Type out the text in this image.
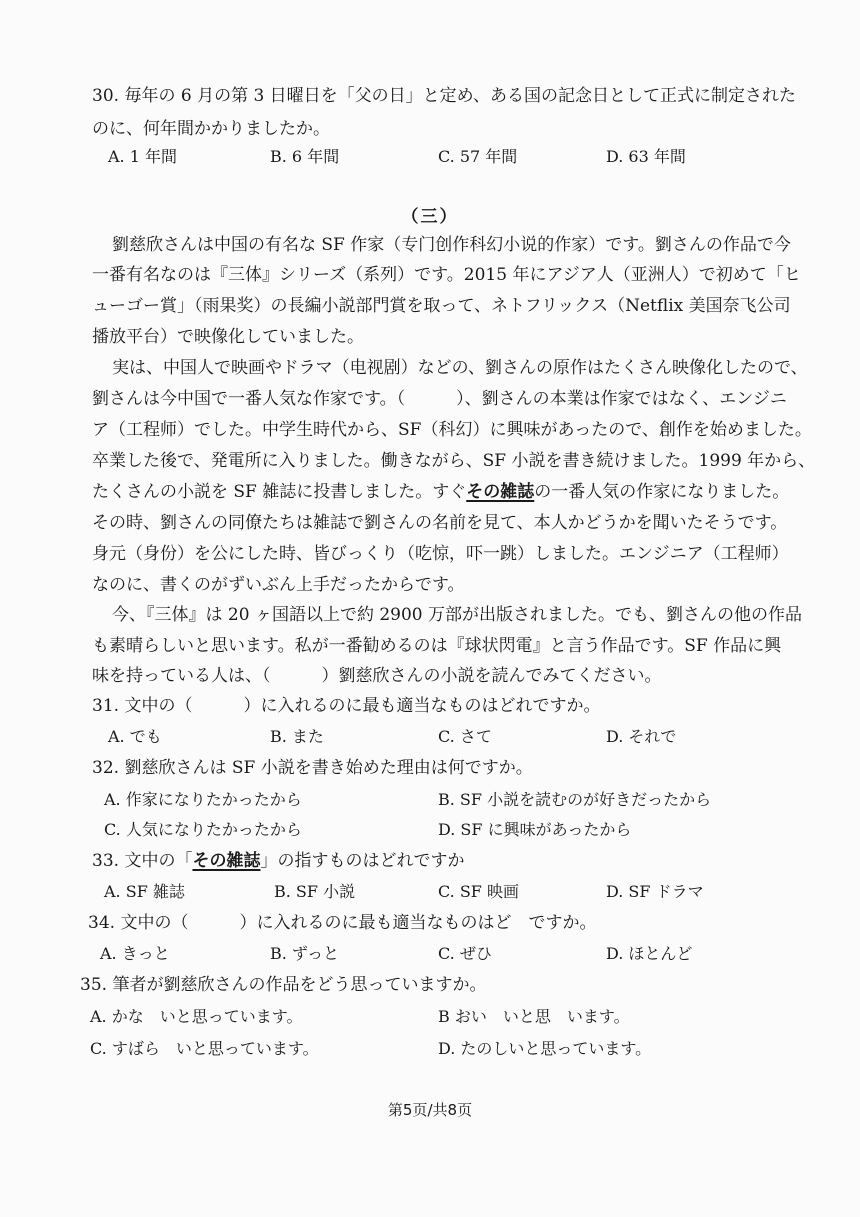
30. 毎年の 6 月の第 3 日曜日を「父の日」と定め、ある国の記念日として正式に制定された
のに、何年間かかりましたか。
A. 1 年間	B. 6 年間	C. 57 年間	D. 63 年間
（三）
劉慈欣さんは中国の有名な SF 作家（专门创作科幻小说的作家）です。劉さんの作品で今
一番有名なのは『三体』シリーズ（系列）です。2015 年にアジア人（亚洲人）で初めて「ヒ
ューゴー賞」（雨果奖）の長編小説部門賞を取って、ネトフリックス（Netflix 美国奈飞公司
播放平台）で映像化していました。
実は、中国人で映画やドラマ（电视剧）などの、劉さんの原作はたくさん映像化したので、
劉さんは今中国で一番人気な作家です。（　　　）、劉さんの本業は作家ではなく、エンジニ
ア（工程师）でした。中学生時代から、SF（科幻）に興味があったので、創作を始めました。
卒業した後で、発電所に入りました。働きながら、SF 小説を書き続けました。1999 年から、
たくさんの小説を SF 雑誌に投書しました。すぐその雑誌の一番人気の作家になりました。
その時、劉さんの同僚たちは雑誌で劉さんの名前を見て、本人かどうかを聞いたそうです。
身元（身份）を公にした時、皆びっくり（吃惊，吓一跳）しました。エンジニア（工程师）
なのに、書くのがずいぶん上手だったからです。
今、『三体』は 20 ヶ国語以上で約 2900 万部が出版されました。でも、劉さんの他の作品
も素晴らしいと思います。私が一番勧めるのは『球状閃電』と言う作品です。SF 作品に興
味を持っている人は、（　　　）劉慈欣さんの小説を読んでみてください。
31. 文中の（　　　）に入れるのに最も適当なものはどれですか。
A. でも	B. また	C. さて	D. それで
32. 劉慈欣さんは SF 小説を書き始めた理由は何ですか。
A. 作家になりたかったから	B. SF 小説を読むのが好きだったから
C. 人気になりたかったから	D. SF に興味があったから
33. 文中の「その雑誌」の指すものはどれですか
A. SF 雑誌	B. SF 小説	C. SF 映画	D. SF ドラマ
34. 文中の（　　　）に入れるのに最も適当なものはど　ですか。
A. きっと	B. ずっと	C. ぜひ	D. ほとんど
35. 筆者が劉慈欣さんの作品をどう思っていますか。
A. かな　いと思っています。	B おい　いと思　います。
C. すばら　いと思っています。	D. たのしいと思っています。
第5页/共8页
